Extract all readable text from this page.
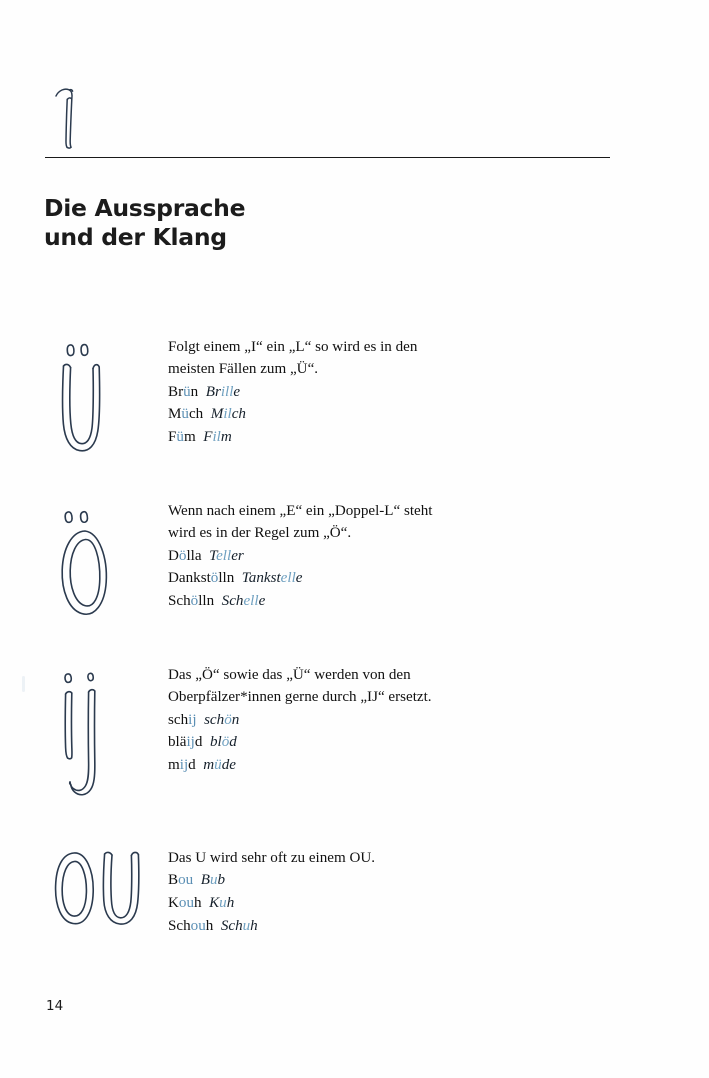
Die Aussprache
und der Klang

Folgt einem „I“ ein „L“ so wird es in den
meisten Fällen zum „Ü“.

Brün Brille
Müch Milch
Füm Film

Wenn nach einem „E“ ein „Doppel-L“ steht
wird es in der Regel zum „Ö“.

Dölla Teller
Dankstölln Tankstelle
Schölln Schelle

Das „Ö“ sowie das „Ü“ werden von den
Oberpfälzer*innen gerne durch „IJ“ ersetzt.

schij schön
bläijd blöd
mijd müde

Das U wird sehr oft zu einem OU.

Bou Bub
Kouh Kuh
Schouh Schuh
14
